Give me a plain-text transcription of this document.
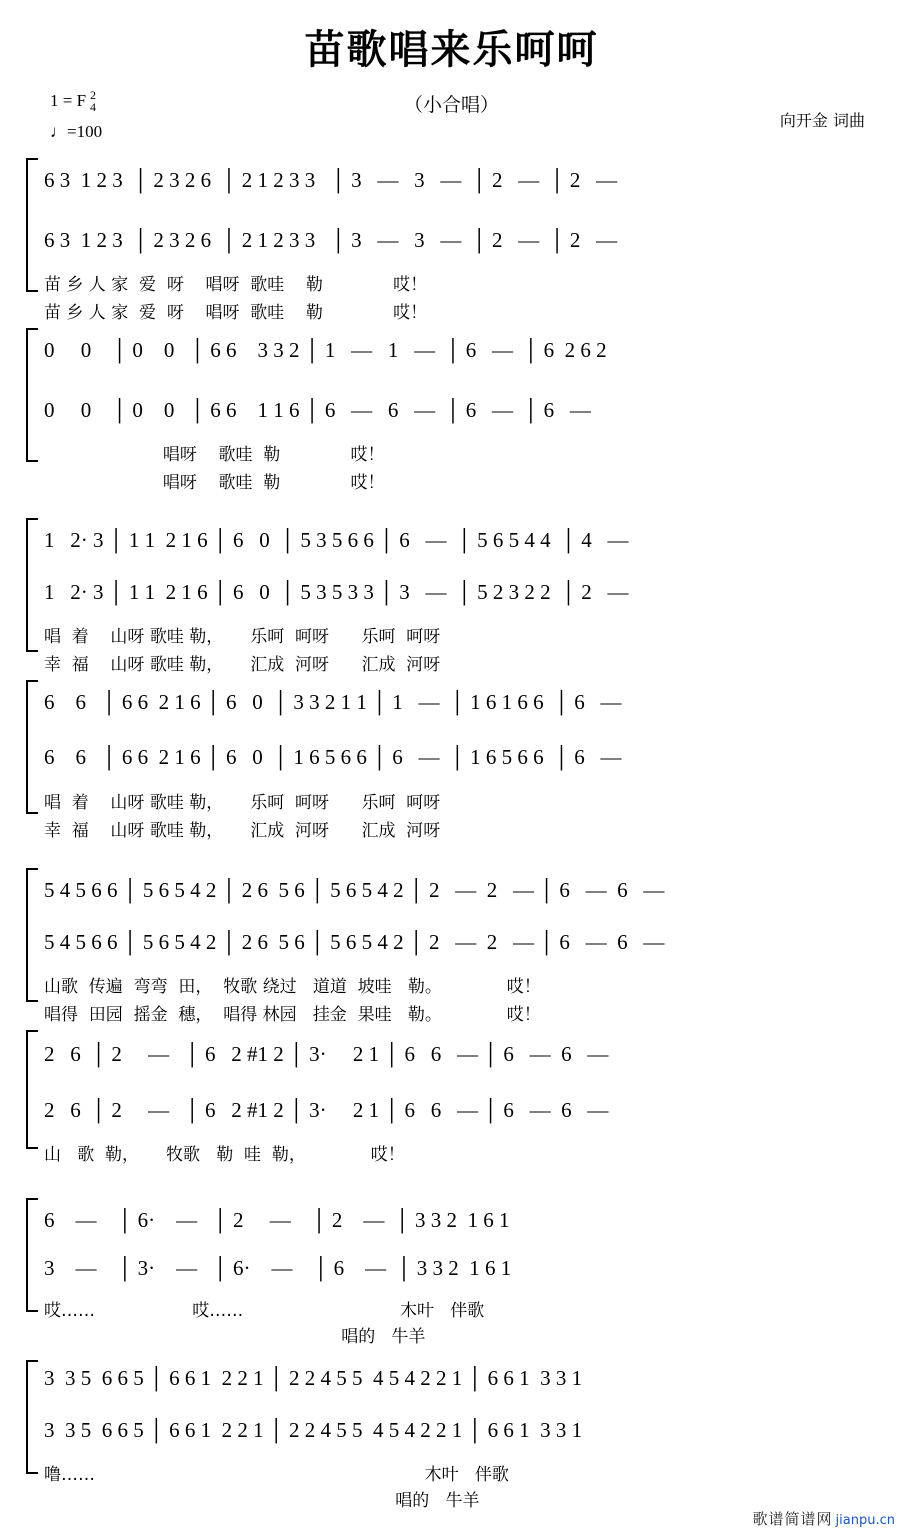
苗歌唱来乐呵呵
（小合唱）
向开金 词曲
1 = F 2
4
♩=100
6 3  1 2 3  │ 2 3 2 6  │ 2 1 2 3 3   │ 3   —   3   —  │ 2   —  │ 2   —
6 3  1 2 3  │ 2 3 2 6  │ 2 1 2 3 3   │ 3   —   3   —  │ 2   —  │ 2   —
苗 乡 人 家  爱  呀    唱呀  歌哇    勒             哎！
苗 乡 人 家  爱  呀    唱呀  歌哇    勒             哎！
0     0    │ 0    0   │ 6 6    3 3 2 │ 1   —   1   —  │ 6   —  │ 6  2 6 2
0     0    │ 0    0   │ 6 6    1 1 6 │ 6   —   6   —  │ 6   —  │ 6   —
唱呀    歌哇  勒             哎！
唱呀    歌哇  勒             哎！
1   2· 3 │ 1 1  2 1 6 │ 6   0  │ 5 3 5 6 6 │ 6   —  │ 5 6 5 4 4  │ 4   —
1   2· 3 │ 1 1  2 1 6 │ 6   0  │ 5 3 5 3 3 │ 3   —  │ 5 2 3 2 2  │ 2   —
唱  着    山呀 歌哇 勒，     乐呵  呵呀      乐呵  呵呀
幸  福    山呀 歌哇 勒，     汇成  河呀      汇成  河呀
6    6   │ 6 6  2 1 6 │ 6   0  │ 3 3 2 1 1 │ 1   —  │ 1 6 1 6 6  │ 6   —
6    6   │ 6 6  2 1 6 │ 6   0  │ 1 6 5 6 6 │ 6   —  │ 1 6 5 6 6  │ 6   —
唱  着    山呀 歌哇 勒，     乐呵  呵呀      乐呵  呵呀
幸  福    山呀 歌哇 勒，     汇成  河呀      汇成  河呀
5 4 5 6 6 │ 5 6 5 4 2 │ 2 6  5 6 │ 5 6 5 4 2 │ 2   —  2   — │ 6   —  6   —
5 4 5 6 6 │ 5 6 5 4 2 │ 2 6  5 6 │ 5 6 5 4 2 │ 2   —  2   — │ 6   —  6   —
山歌  传遍  弯弯  田，  牧歌 绕过   道道  坡哇   勒。            哎！
唱得  田园  摇金  穗，  唱得 林园   挂金  果哇   勒。            哎！
2   6  │ 2     —   │ 6   2 #1 2 │ 3·     2 1 │ 6   6   — │ 6   —  6   —
2   6  │ 2     —   │ 6   2 #1 2 │ 3·     2 1 │ 6   6   — │ 6   —  6   —
山   歌  勒，     牧歌   勒  哇  勒，            哎！
6    —    │ 6·    —   │ 2     —    │ 2    —  │ 3 3 2  1 6 1
3    —    │ 3·    —   │ 6·    —    │ 6    —  │ 3 3 2  1 6 1
哎……                  哎……                             木叶   伴歌
唱的   牛羊
3  3 5  6 6 5 │ 6 6 1  2 2 1 │ 2 2 4 5 5  4 5 4 2 2 1 │ 6 6 1  3 3 1
3  3 5  6 6 5 │ 6 6 1  2 2 1 │ 2 2 4 5 5  4 5 4 2 2 1 │ 6 6 1  3 3 1
噜……                                                             木叶   伴歌
唱的   牛羊
歌谱简谱网 jianpu.cn
